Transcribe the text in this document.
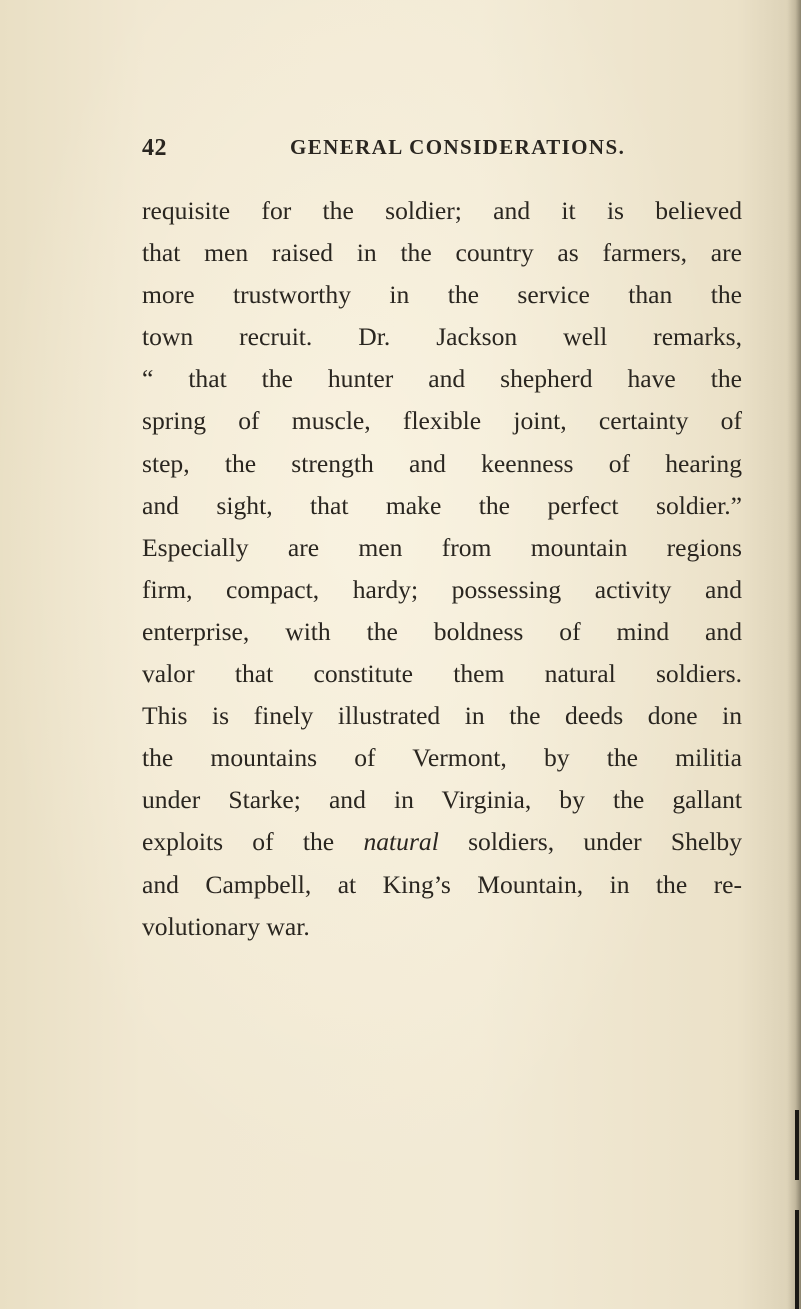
42	GENERAL CONSIDERATIONS.
requisite for the soldier; and it is believed
that men raised in the country as farmers, are
more trustworthy in the service than the
town recruit. Dr. Jackson well remarks,
“ that the hunter and shepherd have the
spring of muscle, flexible joint, certainty of
step, the strength and keenness of hearing
and sight, that make the perfect soldier.”
Especially are men from mountain regions
firm, compact, hardy; possessing activity and
enterprise, with the boldness of mind and
valor that constitute them natural soldiers.
This is finely illustrated in the deeds done in
the mountains of Vermont, by the militia
under Starke; and in Virginia, by the gallant
exploits of the natural soldiers, under Shelby
and Campbell, at King’s Mountain, in the re-
volutionary war.
